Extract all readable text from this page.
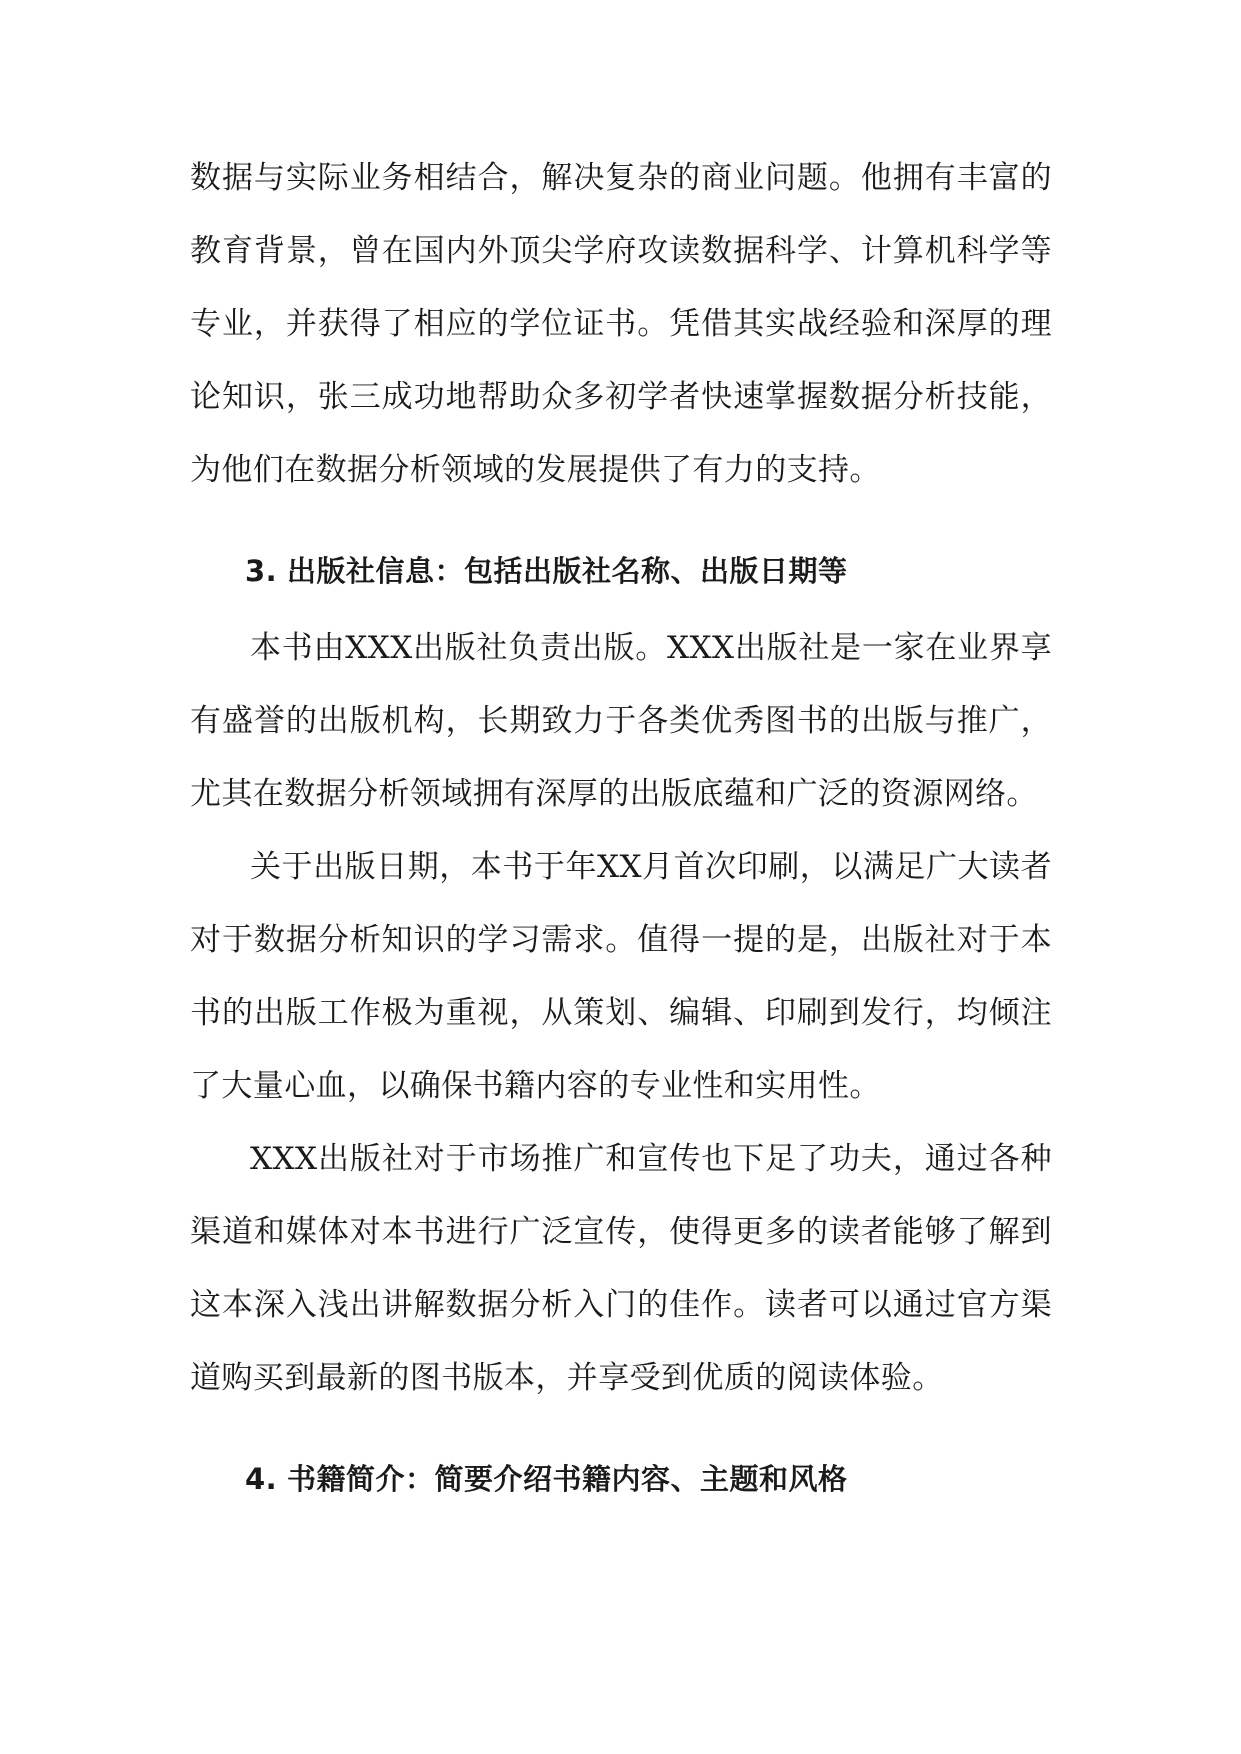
数据与实际业务相结合，解决复杂的商业问题。他拥有丰富的教育背景，曾在国内外顶尖学府攻读数据科学、计算机科学等专业，并获得了相应的学位证书。凭借其实战经验和深厚的理论知识，张三成功地帮助众多初学者快速掌握数据分析技能，为他们在数据分析领域的发展提供了有力的支持。

3. 出版社信息：包括出版社名称、出版日期等

本书由XXX出版社负责出版。XXX出版社是一家在业界享有盛誉的出版机构，长期致力于各类优秀图书的出版与推广，尤其在数据分析领域拥有深厚的出版底蕴和广泛的资源网络。

关于出版日期，本书于年XX月首次印刷，以满足广大读者对于数据分析知识的学习需求。值得一提的是，出版社对于本书的出版工作极为重视，从策划、编辑、印刷到发行，均倾注了大量心血，以确保书籍内容的专业性和实用性。

XXX出版社对于市场推广和宣传也下足了功夫，通过各种渠道和媒体对本书进行广泛宣传，使得更多的读者能够了解到这本深入浅出讲解数据分析入门的佳作。读者可以通过官方渠道购买到最新的图书版本，并享受到优质的阅读体验。

4. 书籍简介：简要介绍书籍内容、主题和风格
